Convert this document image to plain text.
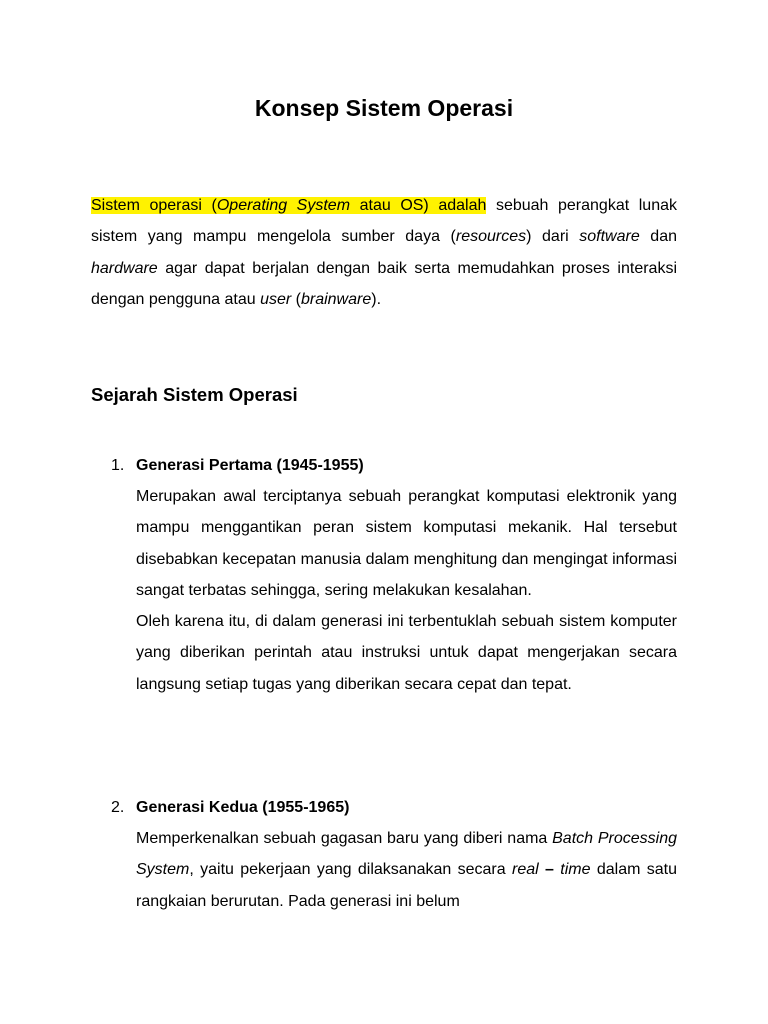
Konsep Sistem Operasi

Sistem operasi (Operating System atau OS) adalah sebuah perangkat lunak sistem yang mampu mengelola sumber daya (resources) dari software dan hardware agar dapat berjalan dengan baik serta memudahkan proses interaksi dengan pengguna atau user (brainware).

Sejarah Sistem Operasi
1. Generasi Pertama (1945-1955)

Merupakan awal terciptanya sebuah perangkat komputasi elektronik yang mampu menggantikan peran sistem komputasi mekanik. Hal tersebut disebabkan kecepatan manusia dalam menghitung dan mengingat informasi sangat terbatas sehingga, sering melakukan kesalahan.

Oleh karena itu, di dalam generasi ini terbentuklah sebuah sistem komputer yang diberikan perintah atau instruksi untuk dapat mengerjakan secara langsung setiap tugas yang diberikan secara cepat dan tepat.

2. Generasi Kedua (1955-1965)

Memperkenalkan sebuah gagasan baru yang diberi nama Batch Processing System, yaitu pekerjaan yang dilaksanakan secara real – time dalam satu rangkaian berurutan. Pada generasi ini belum
